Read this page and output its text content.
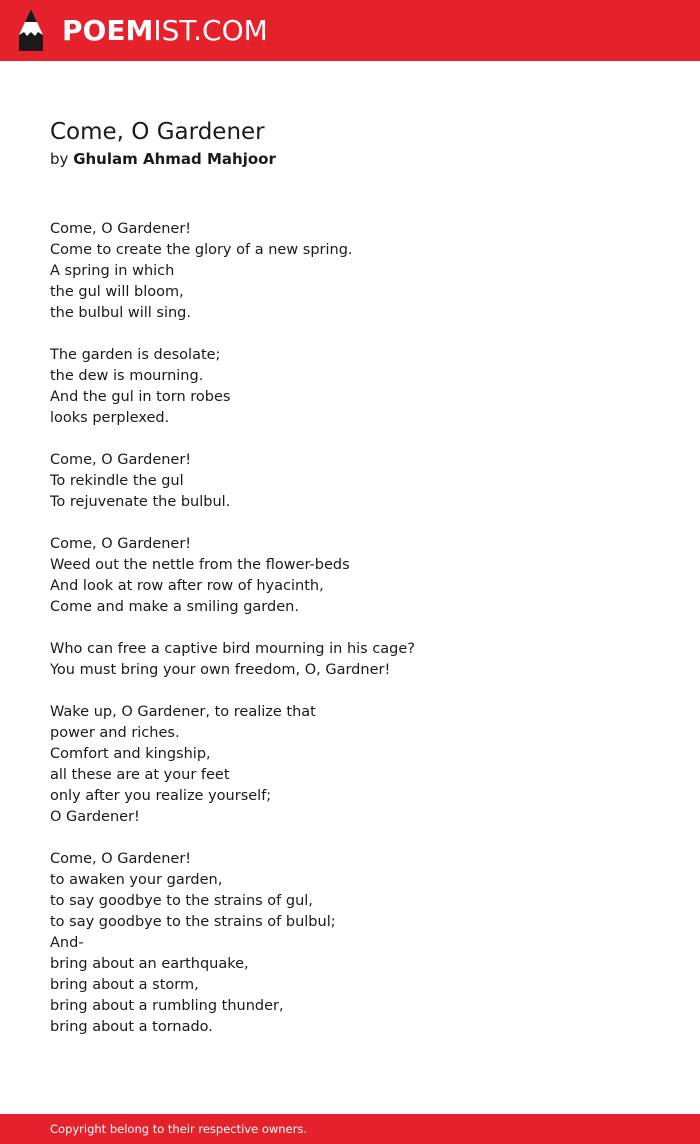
POEMIST.COM
Come, O Gardener
by Ghulam Ahmad Mahjoor
Come, O Gardener!
Come to create the glory of a new spring.
A spring in which
the gul will bloom,
the bulbul will sing.
The garden is desolate;
the dew is mourning.
And the gul in torn robes
looks perplexed.
Come, O Gardener!
To rekindle the gul
To rejuvenate the bulbul.
Come, O Gardener!
Weed out the nettle from the flower-beds
And look at row after row of hyacinth,
Come and make a smiling garden.
Who can free a captive bird mourning in his cage?
You must bring your own freedom, O, Gardner!
Wake up, O Gardener, to realize that
power and riches.
Comfort and kingship,
all these are at your feet
only after you realize yourself;
O Gardener!
Come, O Gardener!
to awaken your garden,
to say goodbye to the strains of gul,
to say goodbye to the strains of bulbul;
And-
bring about an earthquake,
bring about a storm,
bring about a rumbling thunder,
bring about a tornado.
Copyright belong to their respective owners.
